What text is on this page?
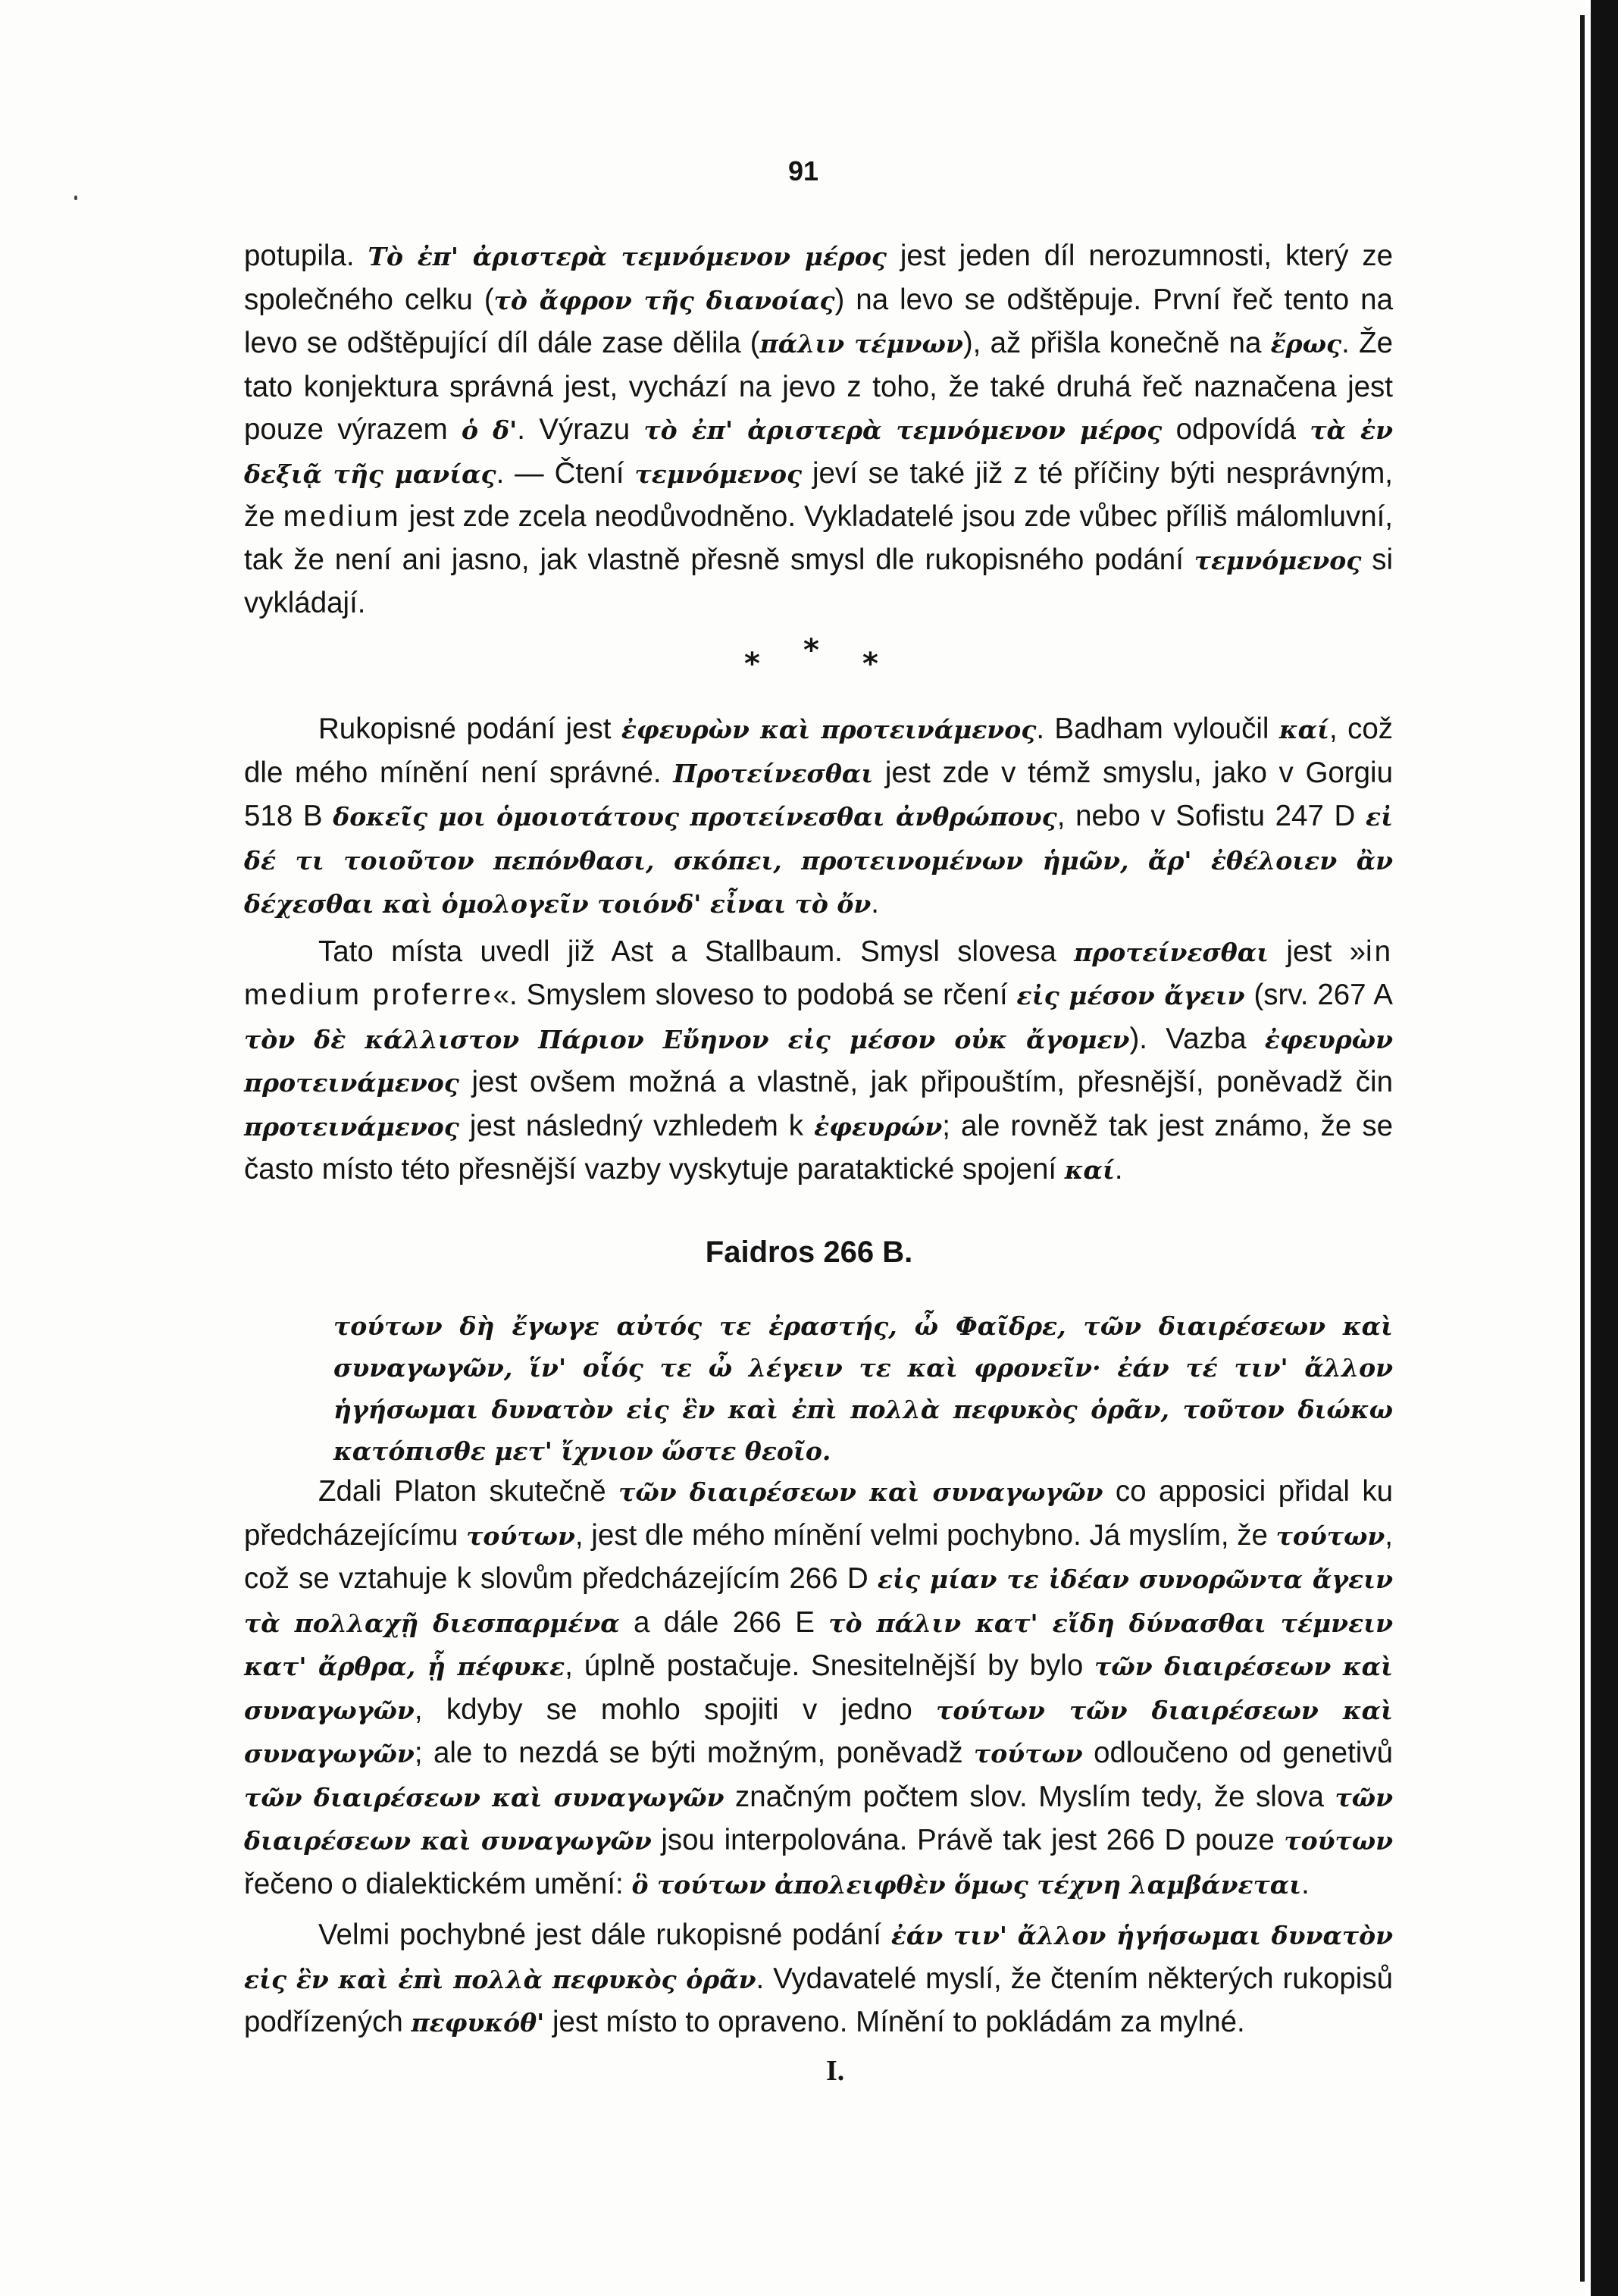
91

potupila. Τὸ ἐπ' ἀριστερὰ τεμνόμενον μέρος jest jeden díl nerozumnosti, který ze společného celku (τὸ ἄφρον τῆς διανοίας) na levo se odštěpuje. První řeč tento na levo se odštěpující díl dále zase dělila (πάλιν τέμνων), až přišla konečně na ἔρως. Že tato konjektura správná jest, vychází na jevo z toho, že také druhá řeč naznačena jest pouze výrazem ὁ δ'. Výrazu τὸ ἐπ' ἀριστερὰ τεμνόμενον μέρος odpovídá τὰ ἐν δεξιᾷ τῆς μανίας. — Čtení τεμνόμενος jeví se také již z té příčiny býti nesprávným, že medium jest zde zcela neodůvodněno. Vykladatelé jsou zde vůbec příliš málomluvní, tak že není ani jasno, jak vlastně přesně smysl dle rukopisného podání τεμνόμενος si vykládají.

* * *

Rukopisné podání jest ἐφευρὼν καὶ προτεινάμενος. Badham vyloučil καί, což dle mého mínění není správné. Προτείνεσθαι jest zde v témž smyslu, jako v Gorgiu 518 B δοκεῖς μοι ὁμοιοτάτους προτείνεσθαι ἀνθρώπους, nebo v Sofistu 247 D εἰ δέ τι τοιοῦτον πεπόνθασι, σκόπει, προτεινομένων ἡμῶν, ἄρ' ἐθέλοιεν ἂν δέχεσθαι καὶ ὁμολογεῖν τοιόνδ' εἶναι τὸ ὄν.

Tato místa uvedl již Ast a Stallbaum. Smysl slovesa προτείνεσθαι jest »in medium proferre«. Smyslem sloveso to podobá se rčení εἰς μέσον ἄγειν (srv. 267 A τὸν δὲ κάλλιστον Πάριον Εὔηνον εἰς μέσον οὐκ ἄγομεν). Vazba ἐφευρὼν προτεινάμενος jest ovšem možná a vlastně, jak připouštím, přesnější, poněvadž čin προτεινάμενος jest následný vzhledem k ἐφευρών; ale rovněž tak jest známo, že se často místo této přesnější vazby vyskytuje parataktické spojení καί.

Faidros 266 B.
τούτων δὴ ἔγωγε αὐτός τε ἐραστής, ὦ Φαῖδρε, τῶν διαιρέσεων καὶ συναγωγῶν, ἵν' οἷός τε ὦ λέγειν τε καὶ φρονεῖν· ἐάν τέ τιν' ἄλλον ἡγήσωμαι δυνατὸν εἰς ἓν καὶ ἐπὶ πολλὰ πεφυκὸς ὁρᾶν, τοῦτον διώκω κατόπισθε μετ' ἴχνιον ὥστε θεοῖο.

Zdali Platon skutečně τῶν διαιρέσεων καὶ συναγωγῶν co apposici přidal ku předcházejícímu τούτων, jest dle mého mínění velmi pochybno. Já myslím, že τούτων, což se vztahuje k slovům předcházejícím 266 D εἰς μίαν τε ἰδέαν συνορῶντα ἄγειν τὰ πολλαχῇ διεσπαρμένα a dále 266 E τὸ πάλιν κατ' εἴδη δύνασθαι τέμνειν κατ' ἄρθρα, ᾗ πέφυκε, úplně postačuje. Snesitelnější by bylo τῶν διαιρέσεων καὶ συναγωγῶν, kdyby se mohlo spojiti v jedno τούτων τῶν διαιρέσεων καὶ συναγωγῶν; ale to nezdá se býti možným, poněvadž τούτων odloučeno od genetivů τῶν διαιρέσεων καὶ συναγωγῶν značným počtem slov. Myslím tedy, že slova τῶν διαιρέσεων καὶ συναγωγῶν jsou interpolována. Právě tak jest 266 D pouze τούτων řečeno o dialektickém umění: ὃ τούτων ἀπολειφθὲν ὅμως τέχνη λαμβάνεται.

Velmi pochybné jest dále rukopisné podání ἐάν τιν' ἄλλον ἡγήσωμαι δυνατὸν εἰς ἓν καὶ ἐπὶ πολλὰ πεφυκὸς ὁρᾶν. Vydavatelé myslí, že čtením některých rukopisů podřízených πεφυκόθ' jest místo to opraveno. Mínění to pokládám za mylné.

I.
